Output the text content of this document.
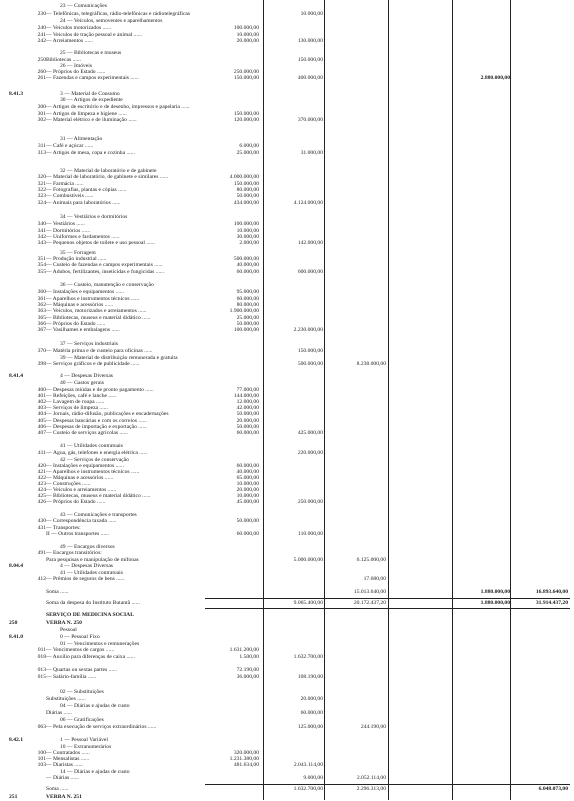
23 — Comunicações
230 — Telefônicas, telegráficas, rádio-telefônicas e rádiotelegráficas	10.000,00
24 — Veículos, semoventes e aparelhamentos
240 — Veículos motorizados ......	100.000,00
241 — Veículos de tração pessoal e animal ......	10.000,00
242 — Arreiamentos ......	20.000,00	130.000,00
25 — Bibliotecas e museus
250 Bibliotecas ......	150.000,00
26 — Imóveis
260 — Próprios do Estado ......	250.000,00
261 — Fazendas e campos experimentais ......	150.000,00	400.000,00	2.880.000,00
8.41.3	3 — Material de Consumo
30 — Artigos de expediente
300 — Artigos de escritório e de desenho, impressos e papelaria ......
301 — Artigos de limpeza e higiene ......	150.000,00
302 — Material elétrico e de iluminação ......	120.000,00	370.000,00
31 — Alimentação
311 — Café e açúcar ......	6.000,00
313 — Artigos de mesa, copa e cozinha ......	25.000,00	31.000,00
32 — Material de laboratório e de gabinete
320 — Material de laboratório, de gabinete e similares ......	4.000.000,00
321 — Farmácia ......	150.000,00
322 — Fotografias, plantas e cópias ......	80.000,00
323 — Combustíveis ......	50.000,00
324 — Animais para laboratórios ......	434.000,00	4.124.000,00
34 — Vestiários e dormitórios
340 — Vestiários ......	100.000,00
341 — Dormitórios ......	10.000,00
342 — Uniformes e fardamentos ......	30.000,00
343 — Pequenos objetos de toilete e uso pessoal ......	2.000,00	142.000,00
35 — Forragem
351 — Produção industrial ......	500.000,00
354 — Custeio de fazendas e campos experimentais ......	40.000,00
355 — Adubos, fertilizantes, inseticidas e fungicidas ......	60.000,00	600.000,00
36 — Custeio, manutenção e conservação
360 — Instalações e equipamentos ......	95.000,00
361 — Aparelhos e instrumentos técnicos ......	60.000,00
362 — Máquinas e acessórios ......	80.000,00
363 — Veículos, motorizados e arreiamentos ......	1.900.000,00
365 — Bibliotecas, museus e material didático ......	25.000,00
366 — Próprios do Estado ......	50.000,00
367 — Vasilhames e embalagens ......	100.000,00	2.230.000,00
37 — Serviços industriais
370 — Matéria prima e de custeio para oficinas ......	150.000,00
39 — Material de distribuição remunerada e gratuita
398 — Serviços gráficos e de publicidade ......	500.000,00	8.238.000,00
8.41.4	4 — Despesas Diversas
40 — Gastos gerais
400 — Despesas miúdas e de pronto pagamento ......	77.000,00
401 — Refeições, café e lanche ......	144.000,00
402 — Lavagem de roupa ......	12.000,00
403 — Serviços de limpeza ......	42.000,00
404 — Jornais, rádio-difusão, publicações e encadernações	50.000,00
405 — Despesas bancárias e com os correios ......	20.000,00
406 — Despesas de importação e exportação ......	50.000,00
407 — Custeio de serviços agrícolas ......	60.000,00	425.000,00
41 — Utilidades contratuais
411 — Água, gás, telefones e energia elétrica ......	220.000,00
42 — Serviços de conservação
420 — Instalações e equipamentos ......	60.000,00
421 — Aparelhos e instrumentos técnicos ......	40.000,00
422 — Máquinas e acessórios ......	65.000,00
423 — Construções ......	10.000,00
424 — Veículos e arreiamentos ......	20.000,00
425 — Bibliotecas, museus e material didático ......	10.000,00
426 — Próprios do Estado ......	45.000,00	250.000,00
43 — Comunicações e transportes
430 — Correspondência taxada ......	50.000,00
431 — Transportes:
II — Outros transportes ......	60.000,00	110.000,00
49 — Encargos diversos
491 — Encargos transitórios:
Para pesquisas e manipulação de mifonas	5.000.000,00	6.125.000,00
8.04.4	4 — Despesas Diversas
41 — Utilidades contratuais
412 — Prêmios de seguros de bens ......	17.680,00
Soma ......	15.013.640,00	1.880.000,00	16.893.640,00
Soma da despesa do Instituto Butantã ......	9.065.400,00	20.172.437,20	1.880.000,00	31.914.437,20
SERVIÇO DE MEDICINA SOCIAL
250	VERBA N. 250
Pessoal
8.41.0	0 — Pessoal Fixo
01 — Vencimentos e remunerações
011 — Vencimentos de cargos ......	1.631.200,00
018 — Auxílio para diferenças de caixa ......	1.500,00	1.632.700,00
013 — Quartas ou sextas partes ......	72.190,00
015 — Salário-família ......	36.000,00	108.190,00
02 — Substituições
Substituições ......	20.000,00
04 — Diárias e ajudas de custo
Diárias ......	60.000,00
06 — Gratificações
063 — Pela execução de serviços extraordinários ......	125.000,00	244.190,00
8.42.1	1 — Pessoal Variável
10 — Extranumerários
100 — Contratados ......	320.000,00
101 — Mensalistas ......	1.231.380,00
103 — Diaristas ......	481.634,00	2.043.114,00
14 — Diárias e ajudas de custo
— Diárias ......	9.000,00	2.052.114,00
Soma ......	1.632.700,00	2.296.313,00	6.048.073,00
251	VERBA N. 251
